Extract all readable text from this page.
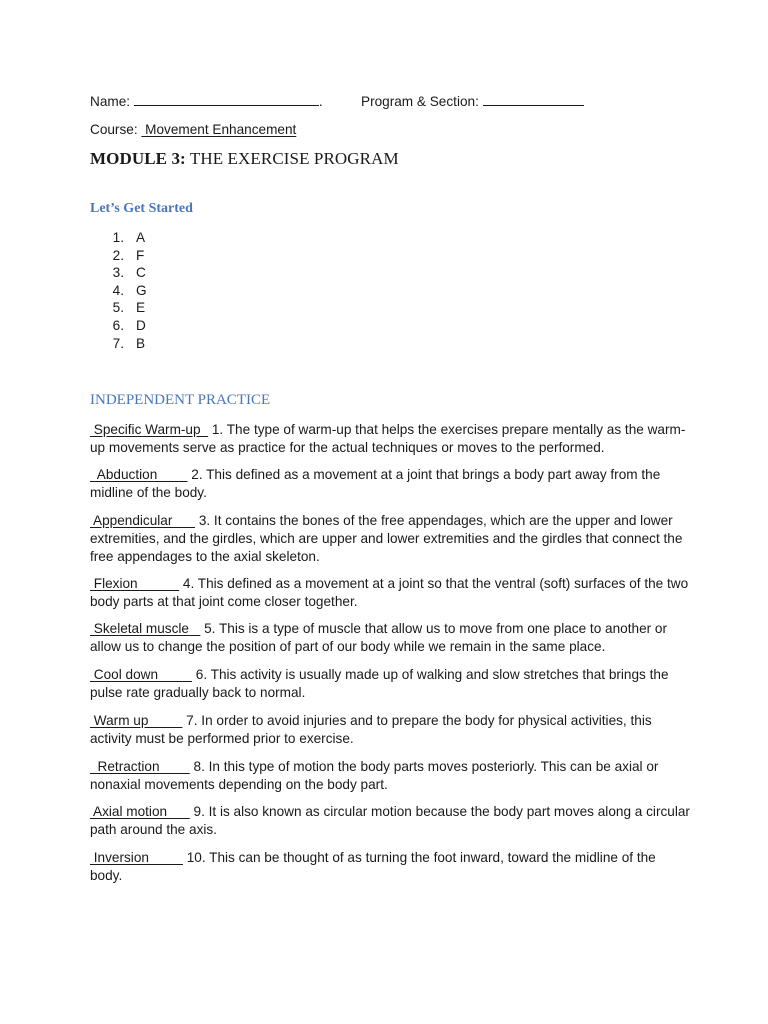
Name:	.	Program & Section:
Course:  Movement Enhancement
MODULE 3: THE EXERCISE PROGRAM
Let’s Get Started
1. A
2. F
3. C
4. G
5. E
6. D
7. B
INDEPENDENT PRACTICE
Specific Warm-up   1. The type of warm-up that helps the exercises prepare mentally as the warm-up movements serve as practice for the actual techniques or moves to the performed.
Abduction         2. This defined as a movement at a joint that brings a body part away from the midline of the body.
Appendicular       3. It contains the bones of the free appendages, which are the upper and lower extremities, and the girdles, which are upper and lower extremities and the girdles that connect the free appendages to the axial skeleton.
Flexion            4. This defined as a movement at a joint so that the ventral (soft) surfaces of the two body parts at that joint come closer together.
Skeletal muscle    5. This is a type of muscle that allow us to move from one place to another or allow us to change the position of part of our body while we remain in the same place.
Cool down          6. This activity is usually made up of walking and slow stretches that brings the pulse rate gradually back to normal.
Warm up          7. In order to avoid injuries and to prepare the body for physical activities, this activity must be performed prior to exercise.
Retraction         8. In this type of motion the body parts moves posteriorly. This can be axial or nonaxial movements depending on the body part.
Axial motion       9. It is also known as circular motion because the body part moves along a circular path around the axis.
Inversion          10. This can be thought of as turning the foot inward, toward the midline of the body.
